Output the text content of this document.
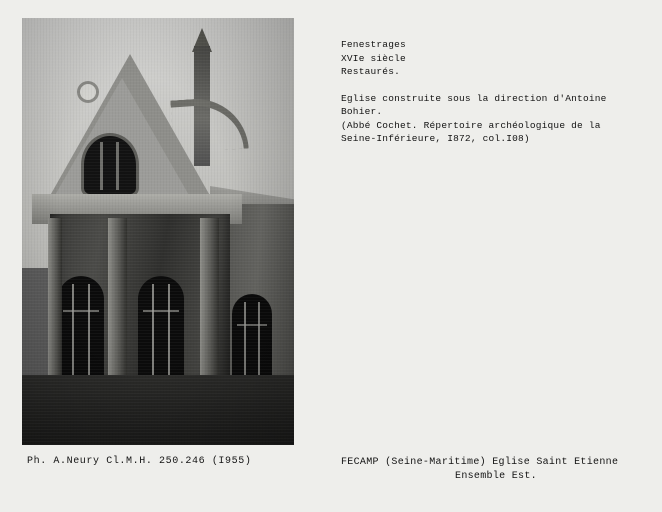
Fenestrages

XVIe siècle

Restaurés.

Eglise construite sous la direction d'Antoine

Bohier.

(Abbé Cochet. Répertoire archéologique de la

Seine-Inférieure, I872, col.I08)

Ph. A.Neury Cl.M.H. 250.246 (I955)	FECAMP (Seine-Maritime) Eglise Saint Etienne
Ensemble Est.
